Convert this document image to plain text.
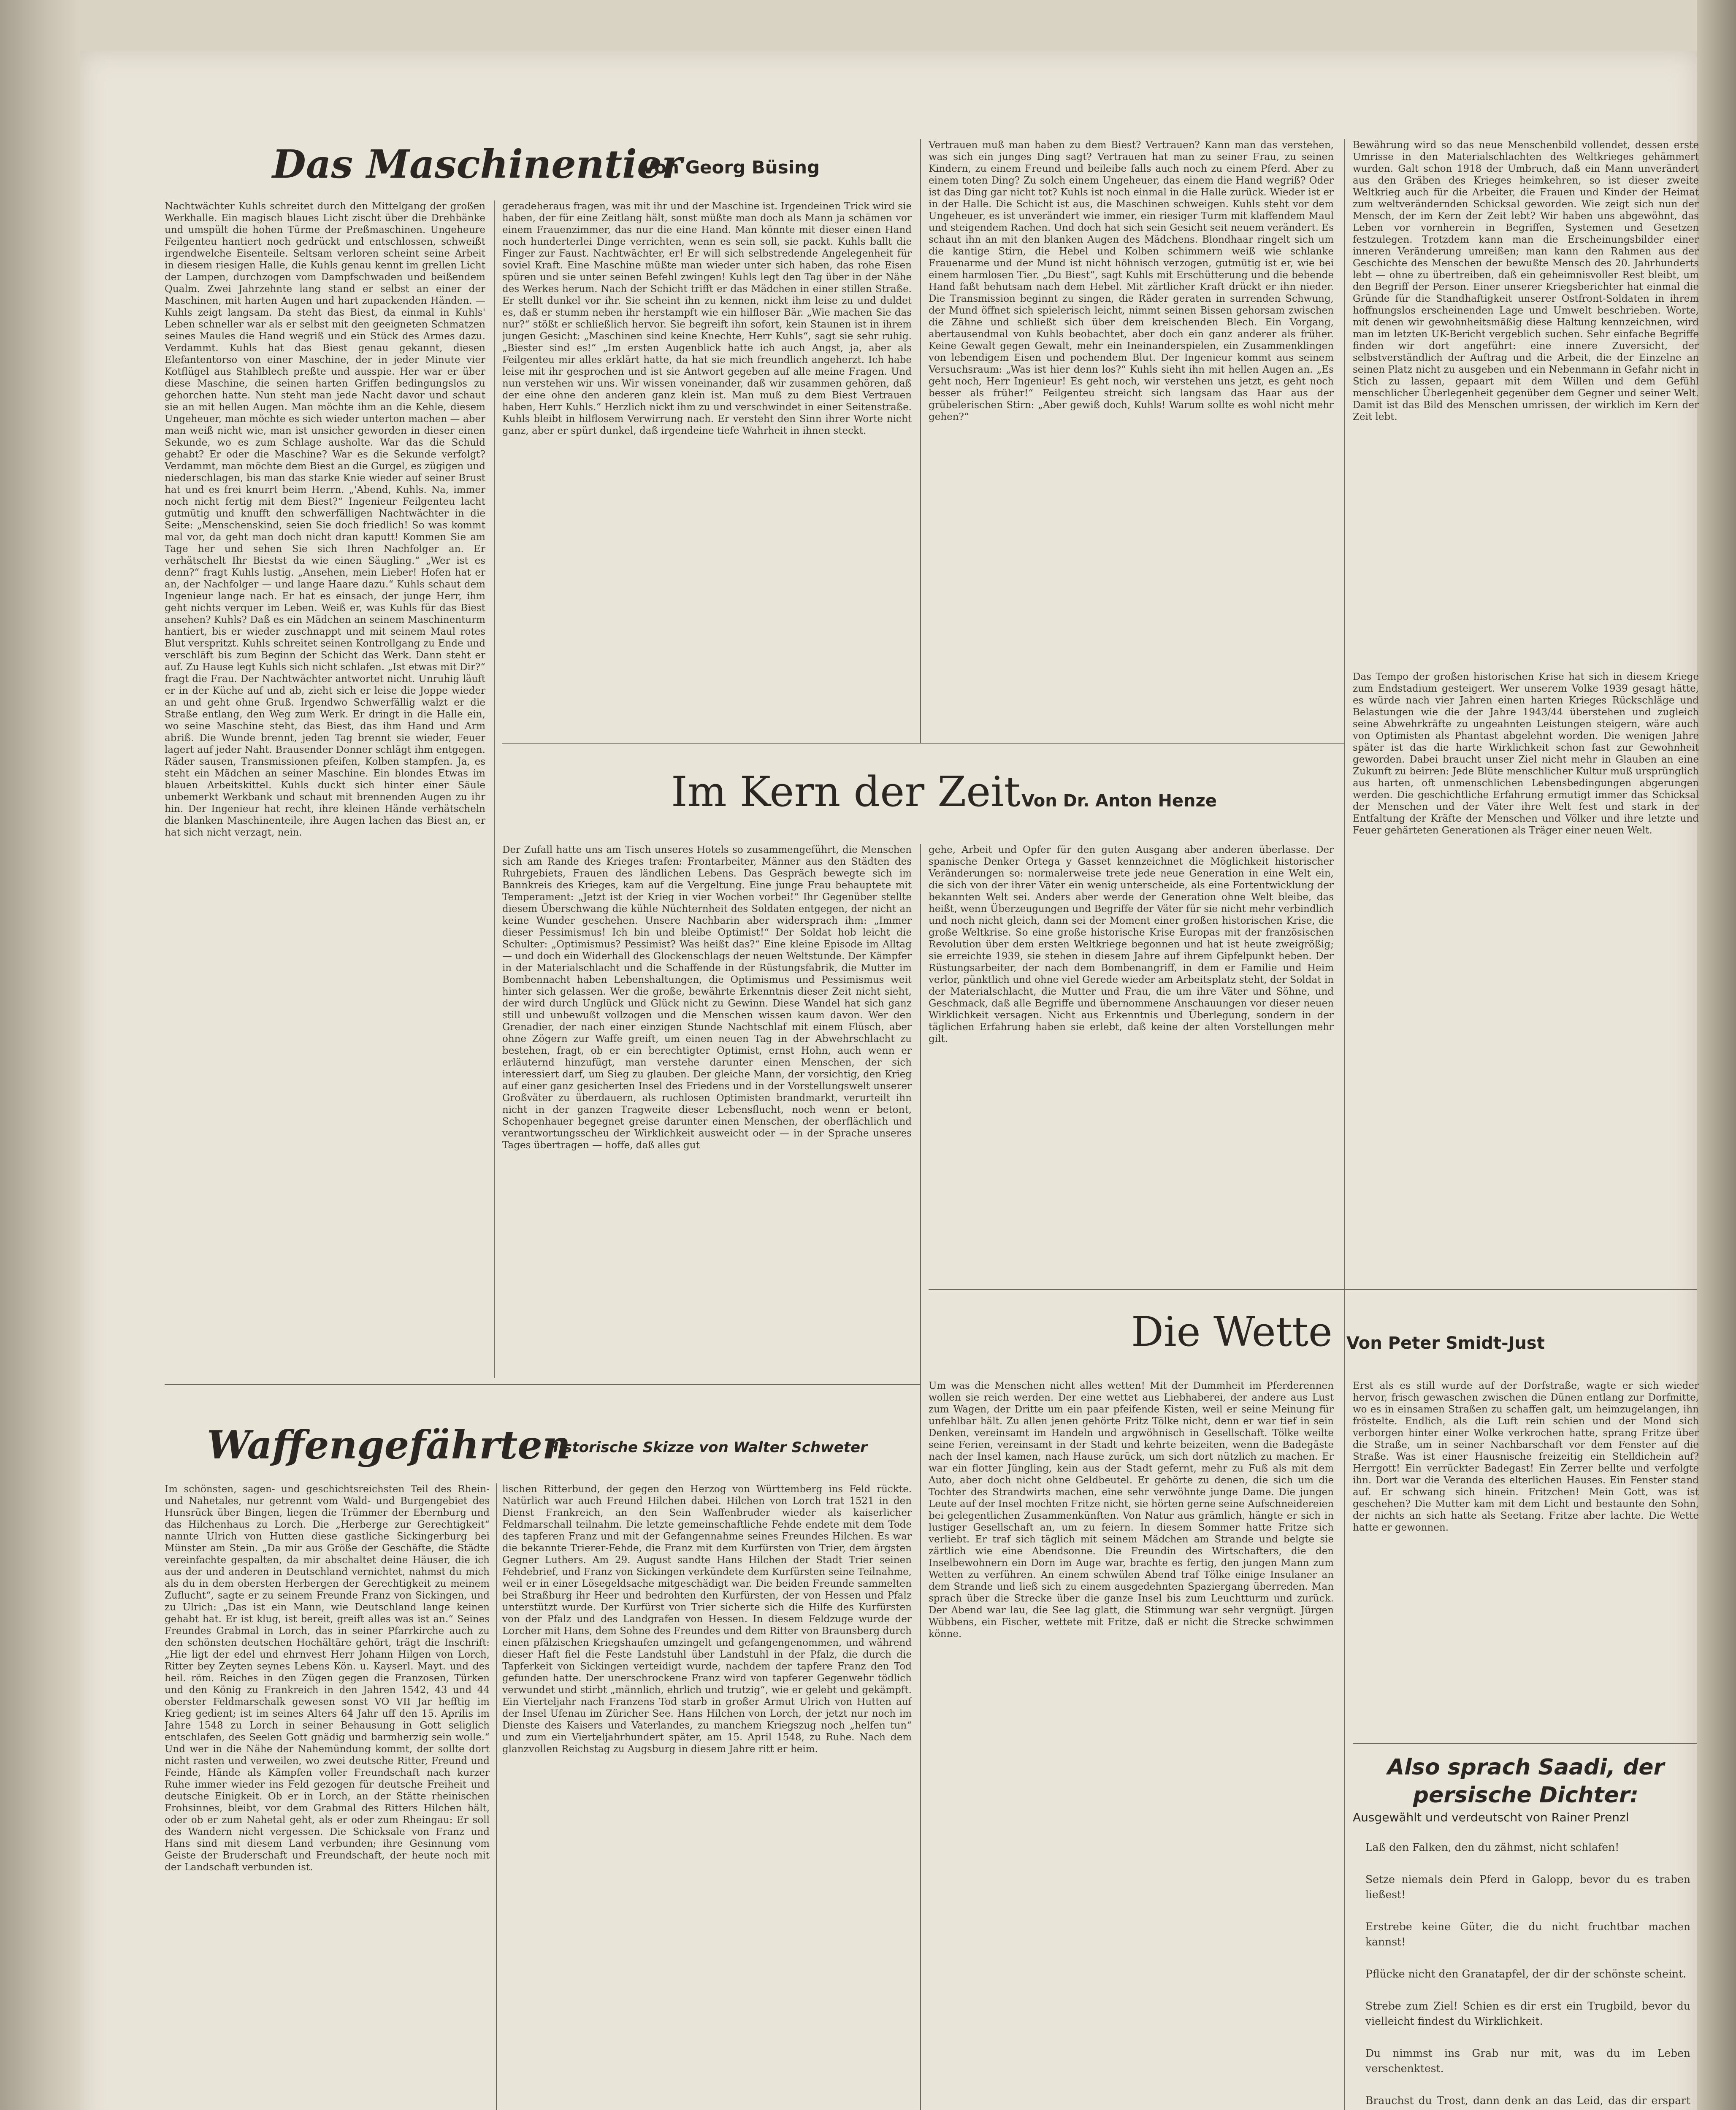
Das Maschinentier
Von Georg Büsing
Nachtwächter Kuhls schreitet durch den Mittelgang der großen Werkhalle. Ein magisch blaues Licht zischt über die Drehbänke und umspült die hohen Türme der Preßmaschinen. Ungeheure Feilgenteu hantiert noch gedrückt und entschlossen, schweißt irgendwelche Eisenteile. Seltsam verloren scheint seine Arbeit in diesem riesigen Halle, die Kuhls genau kennt im grellen Licht der Lampen, durchzogen vom Dampfschwaden und beißendem Qualm. Zwei Jahrzehnte lang stand er selbst an einer der Maschinen, mit harten Augen und hart zupackenden Händen. — Kuhls zeigt langsam. Da steht das Biest, da einmal in Kuhls' Leben schneller war als er selbst mit den geeigneten Schmatzen seines Maules die Hand wegriß und ein Stück des Armes dazu. Verdammt. Kuhls hat das Biest genau gekannt, diesen Elefantentorso von einer Maschine, der in jeder Minute vier Kotflügel aus Stahlblech preßte und ausspie. Her war er über diese Maschine, die seinen harten Griffen bedingungslos zu gehorchen hatte. Nun steht man jede Nacht davor und schaut sie an mit hellen Augen. Man möchte ihm an die Kehle, diesem Ungeheuer, man möchte es sich wieder unterton machen — aber man weiß nicht wie, man ist unsicher geworden in dieser einen Sekunde, wo es zum Schlage ausholte. War das die Schuld gehabt? Er oder die Maschine? War es die Sekunde verfolgt? Verdammt, man möchte dem Biest an die Gurgel, es zügigen und niederschlagen, bis man das starke Knie wieder auf seiner Brust hat und es frei knurrt beim Herrn. „'Abend, Kuhls. Na, immer noch nicht fertig mit dem Biest?“ Ingenieur Feilgenteu lacht gutmütig und knufft den schwerfälligen Nachtwächter in die Seite: „Menschenskind, seien Sie doch friedlich! So was kommt mal vor, da geht man doch nicht dran kaputt! Kommen Sie am Tage her und sehen Sie sich Ihren Nachfolger an. Er verhätschelt Ihr Biestst da wie einen Säugling.“ „Wer ist es denn?“ fragt Kuhls lustig. „Ansehen, mein Lieber! Hofen hat er an, der Nachfolger — und lange Haare dazu.“ Kuhls schaut dem Ingenieur lange nach. Er hat es einsach, der junge Herr, ihm geht nichts verquer im Leben. Weiß er, was Kuhls für das Biest ansehen? Kuhls? Daß es ein Mädchen an seinem Maschinenturm hantiert, bis er wieder zuschnappt und mit seinem Maul rotes Blut verspritzt. Kuhls schreitet seinen Kontrollgang zu Ende und verschläft bis zum Beginn der Schicht das Werk. Dann steht er auf. Zu Hause legt Kuhls sich nicht schlafen. „Ist etwas mit Dir?“ fragt die Frau. Der Nachtwächter antwortet nicht. Unruhig läuft er in der Küche auf und ab, zieht sich er leise die Joppe wieder an und geht ohne Gruß. Irgendwo Schwerfällig walzt er die Straße entlang, den Weg zum Werk. Er dringt in die Halle ein, wo seine Maschine steht, das Biest, das ihm Hand und Arm abriß. Die Wunde brennt, jeden Tag brennt sie wieder, Feuer lagert auf jeder Naht. Brausender Donner schlägt ihm entgegen. Räder sausen, Transmissionen pfeifen, Kolben stampfen. Ja, es steht ein Mädchen an seiner Maschine. Ein blondes Etwas im blauen Arbeitskittel. Kuhls duckt sich hinter einer Säule unbemerkt Werkbank und schaut mit brennenden Augen zu ihr hin. Der Ingenieur hat recht, ihre kleinen Hände verhätscheln die blanken Maschinenteile, ihre Augen lachen das Biest an, er hat sich nicht verzagt, nein.
geradeheraus fragen, was mit ihr und der Maschine ist. Irgendeinen Trick wird sie haben, der für eine Zeitlang hält, sonst müßte man doch als Mann ja schämen vor einem Frauenzimmer, das nur die eine Hand. Man könnte mit dieser einen Hand noch hunderterlei Dinge verrichten, wenn es sein soll, sie packt. Kuhls ballt die Finger zur Faust. Nachtwächter, er! Er will sich selbstredende Angelegenheit für soviel Kraft. Eine Maschine müßte man wieder unter sich haben, das rohe Eisen spüren und sie unter seinen Befehl zwingen! Kuhls legt den Tag über in der Nähe des Werkes herum. Nach der Schicht trifft er das Mädchen in einer stillen Straße. Er stellt dunkel vor ihr. Sie scheint ihn zu kennen, nickt ihm leise zu und duldet es, daß er stumm neben ihr herstampft wie ein hilfloser Bär. „Wie machen Sie das nur?“ stößt er schließlich hervor. Sie begreift ihn sofort, kein Staunen ist in ihrem jungen Gesicht: „Maschinen sind keine Knechte, Herr Kuhls“, sagt sie sehr ruhig. „Biester sind es!“ „Im ersten Augenblick hatte ich auch Angst, ja, aber als Feilgenteu mir alles erklärt hatte, da hat sie mich freundlich angeherzt. Ich habe leise mit ihr gesprochen und ist sie Antwort gegeben auf alle meine Fragen. Und nun verstehen wir uns. Wir wissen voneinander, daß wir zusammen gehören, daß der eine ohne den anderen ganz klein ist. Man muß zu dem Biest Vertrauen haben, Herr Kuhls.“ Herzlich nickt ihm zu und verschwindet in einer Seitenstraße. Kuhls bleibt in hilflosem Verwirrung nach. Er versteht den Sinn ihrer Worte nicht ganz, aber er spürt dunkel, daß irgendeine tiefe Wahrheit in ihnen steckt.
Vertrauen muß man haben zu dem Biest? Vertrauen? Kann man das verstehen, was sich ein junges Ding sagt? Vertrauen hat man zu seiner Frau, zu seinen Kindern, zu einem Freund und beileibe falls auch noch zu einem Pferd. Aber zu einem toten Ding? Zu solch einem Ungeheuer, das einem die Hand wegriß? Oder ist das Ding gar nicht tot? Kuhls ist noch einmal in die Halle zurück. Wieder ist er in der Halle. Die Schicht ist aus, die Maschinen schweigen. Kuhls steht vor dem Ungeheuer, es ist unverändert wie immer, ein riesiger Turm mit klaffendem Maul und steigendem Rachen. Und doch hat sich sein Gesicht seit neuem verändert. Es schaut ihn an mit den blanken Augen des Mädchens. Blondhaar ringelt sich um die kantige Stirn, die Hebel und Kolben schimmern weiß wie schlanke Frauenarme und der Mund ist nicht höhnisch verzogen, gutmütig ist er, wie bei einem harmlosen Tier. „Du Biest“, sagt Kuhls mit Erschütterung und die bebende Hand faßt behutsam nach dem Hebel. Mit zärtlicher Kraft drückt er ihn nieder. Die Transmission beginnt zu singen, die Räder geraten in surrenden Schwung, der Mund öffnet sich spielerisch leicht, nimmt seinen Bissen gehorsam zwischen die Zähne und schließt sich über dem kreischenden Blech. Ein Vorgang, abertausendmal von Kuhls beobachtet, aber doch ein ganz anderer als früher. Keine Gewalt gegen Gewalt, mehr ein Ineinanderspielen, ein Zusammenklingen von lebendigem Eisen und pochendem Blut. Der Ingenieur kommt aus seinem Versuchsraum: „Was ist hier denn los?“ Kuhls sieht ihn mit hellen Augen an. „Es geht noch, Herr Ingenieur! Es geht noch, wir verstehen uns jetzt, es geht noch besser als früher!“ Feilgenteu streicht sich langsam das Haar aus der grübelerischen Stirn: „Aber gewiß doch, Kuhls! Warum sollte es wohl nicht mehr gehen?“
Im Kern der Zeit Von Dr. Anton Henze
Der Zufall hatte uns am Tisch unseres Hotels so zusammengeführt, die Menschen sich am Rande des Krieges trafen: Frontarbeiter, Männer aus den Städten des Ruhrgebiets, Frauen des ländlichen Lebens. Das Gespräch bewegte sich im Bannkreis des Krieges, kam auf die Vergeltung. Eine junge Frau behauptete mit Temperament: „Jetzt ist der Krieg in vier Wochen vorbei!“ Ihr Gegenüber stellte diesem Überschwang die kühle Nüchternheit des Soldaten entgegen, der nicht an keine Wunder geschehen. Unsere Nachbarin aber widersprach ihm: „Immer dieser Pessimismus! Ich bin und bleibe Optimist!“ Der Soldat hob leicht die Schulter: „Optimismus? Pessimist? Was heißt das?“ Eine kleine Episode im Alltag — und doch ein Widerhall des Glockenschlags der neuen Weltstunde. Der Kämpfer in der Materialschlacht und die Schaffende in der Rüstungsfabrik, die Mutter im Bombennacht haben Lebenshaltungen, die Optimismus und Pessimismus weit hinter sich gelassen. Wer die große, bewährte Erkenntnis dieser Zeit nicht sieht, der wird durch Unglück und Glück nicht zu Gewinn. Diese Wandel hat sich ganz still und unbewußt vollzogen und die Menschen wissen kaum davon. Wer den Grenadier, der nach einer einzigen Stunde Nachtschlaf mit einem Flüsch, aber ohne Zögern zur Waffe greift, um einen neuen Tag in der Abwehrschlacht zu bestehen, fragt, ob er ein berechtigter Optimist, ernst Hohn, auch wenn er erläuternd hinzufügt, man verstehe darunter einen Menschen, der sich interessiert darf, um Sieg zu glauben. Der gleiche Mann, der vorsichtig, den Krieg auf einer ganz gesicherten Insel des Friedens und in der Vorstellungswelt unserer Großväter zu überdauern, als ruchlosen Optimisten brandmarkt, verurteilt ihn nicht in der ganzen Tragweite dieser Lebensflucht, noch wenn er betont, Schopenhauer begegnet greise darunter einen Menschen, der oberflächlich und verantwortungsscheu der Wirklichkeit ausweicht oder — in der Sprache unseres Tages übertragen — hoffe, daß alles gut
gehe, Arbeit und Opfer für den guten Ausgang aber anderen überlasse. Der spanische Denker Ortega y Gasset kennzeichnet die Möglichkeit historischer Veränderungen so: normalerweise trete jede neue Generation in eine Welt ein, die sich von der ihrer Väter ein wenig unterscheide, als eine Fortentwicklung der bekannten Welt sei. Anders aber werde der Generation ohne Welt bleibe, das heißt, wenn Überzeugungen und Begriffe der Väter für sie nicht mehr verbindlich und noch nicht gleich, dann sei der Moment einer großen historischen Krise, die große Weltkrise. So eine große historische Krise Europas mit der französischen Revolution über dem ersten Weltkriege begonnen und hat ist heute zweigrößig; sie erreichte 1939, sie stehen in diesem Jahre auf ihrem Gipfelpunkt heben. Der Rüstungsarbeiter, der nach dem Bombenangriff, in dem er Familie und Heim verlor, pünktlich und ohne viel Gerede wieder am Arbeitsplatz steht, der Soldat in der Materialschlacht, die Mutter und Frau, die um ihre Väter und Söhne, und Geschmack, daß alle Begriffe und übernommene Anschauungen vor dieser neuen Wirklichkeit versagen. Nicht aus Erkenntnis und Überlegung, sondern in der täglichen Erfahrung haben sie erlebt, daß keine der alten Vorstellungen mehr gilt.
Bewährung wird so das neue Menschenbild vollendet, dessen erste Umrisse in den Materialschlachten des Weltkrieges gehämmert wurden. Galt schon 1918 der Umbruch, daß ein Mann unverändert aus den Gräben des Krieges heimkehren, so ist dieser zweite Weltkrieg auch für die Arbeiter, die Frauen und Kinder der Heimat zum weltverändernden Schicksal geworden. Wie zeigt sich nun der Mensch, der im Kern der Zeit lebt? Wir haben uns abgewöhnt, das Leben vor vornherein in Begriffen, Systemen und Gesetzen festzulegen. Trotzdem kann man die Erscheinungsbilder einer inneren Veränderung umreißen; man kann den Rahmen aus der Geschichte des Menschen der bewußte Mensch des 20. Jahrhunderts lebt — ohne zu übertreiben, daß ein geheimnisvoller Rest bleibt, um den Begriff der Person. Einer unserer Kriegsberichter hat einmal die Gründe für die Standhaftigkeit unserer Ostfront-Soldaten in ihrem hoffnungslos erscheinenden Lage und Umwelt beschrieben. Worte, mit denen wir gewohnheitsmäßig diese Haltung kennzeichnen, wird man im letzten UK-Bericht vergeblich suchen. Sehr einfache Begriffe finden wir dort angeführt: eine innere Zuversicht, der selbstverständlich der Auftrag und die Arbeit, die der Einzelne an seinen Platz nicht zu ausgeben und ein Nebenmann in Gefahr nicht in Stich zu lassen, gepaart mit dem Willen und dem Gefühl menschlicher Überlegenheit gegenüber dem Gegner und seiner Welt. Damit ist das Bild des Menschen umrissen, der wirklich im Kern der Zeit lebt.
Das Tempo der großen historischen Krise hat sich in diesem Kriege zum Endstadium gesteigert. Wer unserem Volke 1939 gesagt hätte, es würde nach vier Jahren einen harten Krieges Rückschläge und Belastungen wie die der Jahre 1943/44 überstehen und zugleich seine Abwehrkräfte zu ungeahnten Leistungen steigern, wäre auch von Optimisten als Phantast abgelehnt worden. Die wenigen Jahre später ist das die harte Wirklichkeit schon fast zur Gewohnheit geworden. Dabei braucht unser Ziel nicht mehr in Glauben an eine Zukunft zu beirren: Jede Blüte menschlicher Kultur muß ursprünglich aus harten, oft unmenschlichen Lebensbedingungen abgerungen werden. Die geschichtliche Erfahrung ermutigt immer das Schicksal der Menschen und der Väter ihre Welt fest und stark in der Entfaltung der Kräfte der Menschen und Völker und ihre letzte und Feuer gehärteten Generationen als Träger einer neuen Welt.
Die Wette Von Peter Smidt-Just
Um was die Menschen nicht alles wetten! Mit der Dummheit im Pferderennen wollen sie reich werden. Der eine wettet aus Liebhaberei, der andere aus Lust zum Wagen, der Dritte um ein paar pfeifende Kisten, weil er seine Meinung für unfehlbar hält. Zu allen jenen gehörte Fritz Tölke nicht, denn er war tief in sein Denken, vereinsamt im Handeln und argwöhnisch in Gesellschaft. Tölke weilte seine Ferien, vereinsamt in der Stadt und kehrte beizeiten, wenn die Badegäste nach der Insel kamen, nach Hause zurück, um sich dort nützlich zu machen. Er war ein flotter Jüngling, kein aus der Stadt gefernt, mehr zu Fuß als mit dem Auto, aber doch nicht ohne Geldbeutel. Er gehörte zu denen, die sich um die Tochter des Strandwirts machen, eine sehr verwöhnte junge Dame. Die jungen Leute auf der Insel mochten Fritze nicht, sie hörten gerne seine Aufschneidereien bei gelegentlichen Zusammenkünften. Von Natur aus grämlich, hängte er sich in lustiger Gesellschaft an, um zu feiern. In diesem Sommer hatte Fritze sich verliebt. Er traf sich täglich mit seinem Mädchen am Strande und belgte sie zärtlich wie eine Abendsonne. Die Freundin des Wirtschafters, die den Inselbewohnern ein Dorn im Auge war, brachte es fertig, den jungen Mann zum Wetten zu verführen. An einem schwülen Abend traf Tölke einige Insulaner an dem Strande und ließ sich zu einem ausgedehnten Spaziergang überreden. Man sprach über die Strecke über die ganze Insel bis zum Leuchtturm und zurück. Der Abend war lau, die See lag glatt, die Stimmung war sehr vergnügt. Jürgen Wübbens, ein Fischer, wettete mit Fritze, daß er nicht die Strecke schwimmen könne.
Erst als es still wurde auf der Dorfstraße, wagte er sich wieder hervor, frisch gewaschen zwischen die Dünen entlang zur Dorfmitte, wo es in einsamen Straßen zu schaffen galt, um heimzugelangen, ihn fröstelte. Endlich, als die Luft rein schien und der Mond sich verborgen hinter einer Wolke verkrochen hatte, sprang Fritze über die Straße, um in seiner Nachbarschaft vor dem Fenster auf die Straße. Was ist einer Hausnische freizeitig ein Stelldichein auf? Herrgott! Ein verrückter Badegast! Ein Zerrer bellte und verfolgte ihn. Dort war die Veranda des elterlichen Hauses. Ein Fenster stand auf. Er schwang sich hinein. Fritzchen! Mein Gott, was ist geschehen? Die Mutter kam mit dem Licht und bestaunte den Sohn, der nichts an sich hatte als Seetang. Fritze aber lachte. Die Wette hatte er gewonnen.
Waffengefährten
Historische Skizze von Walter Schweter
Im schönsten, sagen- und geschichtsreichsten Teil des Rhein- und Nahetales, nur getrennt vom Wald- und Burgengebiet des Hunsrück über Bingen, liegen die Trümmer der Ebernburg und das Hilchenhaus zu Lorch. Die „Herberge zur Gerechtigkeit“ nannte Ulrich von Hutten diese gastliche Sickingerburg bei Münster am Stein. „Da mir aus Größe der Geschäfte, die Städte vereinfachte gespalten, da mir abschaltet deine Häuser, die ich aus der und anderen in Deutschland vernichtet, nahmst du mich als du in dem obersten Herbergen der Gerechtigkeit zu meinem Zuflucht“, sagte er zu seinem Freunde Franz von Sickingen, und zu Ulrich: „Das ist ein Mann, wie Deutschland lange keinen gehabt hat. Er ist klug, ist bereit, greift alles was ist an.“ Seines Freundes Grabmal in Lorch, das in seiner Pfarrkirche auch zu den schönsten deutschen Hochältäre gehört, trägt die Inschrift: „Hie ligt der edel und ehrnvest Herr Johann Hilgen von Lorch, Ritter bey Zeyten seynes Lebens Kön. u. Kayserl. Mayt. und des heil. röm. Reiches in den Zügen gegen die Franzosen, Türken und den König zu Frankreich in den Jahren 1542, 43 und 44 oberster Feldmarschalk gewesen sonst VO VII Jar hefftig im Krieg gedient; ist im seines Alters 64 Jahr uff den 15. Aprilis im Jahre 1548 zu Lorch in seiner Behausung in Gott seliglich entschlafen, des Seelen Gott gnädig und barmherzig sein wolle.“ Und wer in die Nähe der Nahemündung kommt, der sollte dort nicht rasten und verweilen, wo zwei deutsche Ritter, Freund und Feinde, Hände als Kämpfen voller Freundschaft nach kurzer Ruhe immer wieder ins Feld gezogen für deutsche Freiheit und deutsche Einigkeit. Ob er in Lorch, an der Stätte rheinischen Frohsinnes, bleibt, vor dem Grabmal des Ritters Hilchen hält, oder ob er zum Nahetal geht, als er oder zum Rheingau: Er soll des Wandern nicht vergessen. Die Schicksale von Franz und Hans sind mit diesem Land verbunden; ihre Gesinnung vom Geiste der Bruderschaft und Freundschaft, der heute noch mit der Landschaft verbunden ist.
lischen Ritterbund, der gegen den Herzog von Württemberg ins Feld rückte. Natürlich war auch Freund Hilchen dabei. Hilchen von Lorch trat 1521 in den Dienst Frankreich, an den Sein Waffenbruder wieder als kaiserlicher Feldmarschall teilnahm. Die letzte gemeinschaftliche Fehde endete mit dem Tode des tapferen Franz und mit der Gefangennahme seines Freundes Hilchen. Es war die bekannte Trierer-Fehde, die Franz mit dem Kurfürsten von Trier, dem ärgsten Gegner Luthers. Am 29. August sandte Hans Hilchen der Stadt Trier seinen Fehdebrief, und Franz von Sickingen verkündete dem Kurfürsten seine Teilnahme, weil er in einer Lösegeldsache mitgeschädigt war. Die beiden Freunde sammelten bei Straßburg ihr Heer und bedrohten den Kurfürsten, der von Hessen und Pfalz unterstützt wurde. Der Kurfürst von Trier sicherte sich die Hilfe des Kurfürsten von der Pfalz und des Landgrafen von Hessen. In diesem Feldzuge wurde der Lorcher mit Hans, dem Sohne des Freundes und dem Ritter von Braunsberg durch einen pfälzischen Kriegshaufen umzingelt und gefangengenommen, und während dieser Haft fiel die Feste Landstuhl über Landstuhl in der Pfalz, die durch die Tapferkeit von Sickingen verteidigt wurde, nachdem der tapfere Franz den Tod gefunden hatte. Der unerschrockene Franz wird von tapferer Gegenwehr tödlich verwundet und stirbt „männlich, ehrlich und trutzig“, wie er gelebt und gekämpft. Ein Vierteljahr nach Franzens Tod starb in großer Armut Ulrich von Hutten auf der Insel Ufenau im Züricher See. Hans Hilchen von Lorch, der jetzt nur noch im Dienste des Kaisers und Vaterlandes, zu manchem Kriegszug noch „helfen tun“ und zum ein Vierteljahrhundert später, am 15. April 1548, zu Ruhe. Nach dem glanzvollen Reichstag zu Augsburg in diesem Jahre ritt er heim.
Also sprach Saadi, der persische Dichter:
Ausgewählt und verdeutscht von Rainer Prenzl
Laß den Falken, den du zähmst, nicht schlafen!
Setze niemals dein Pferd in Galopp, bevor du es traben ließest!
Erstrebe keine Güter, die du nicht fruchtbar machen kannst!
Pflücke nicht den Granatapfel, der dir der schönste scheint.
Strebe zum Ziel! Schien es dir erst ein Trugbild, bevor du vielleicht findest du Wirklichkeit.
Du nimmst ins Grab nur mit, was du im Leben verschenktest.
Brauchst du Trost, dann denk an das Leid, das dir erspart
